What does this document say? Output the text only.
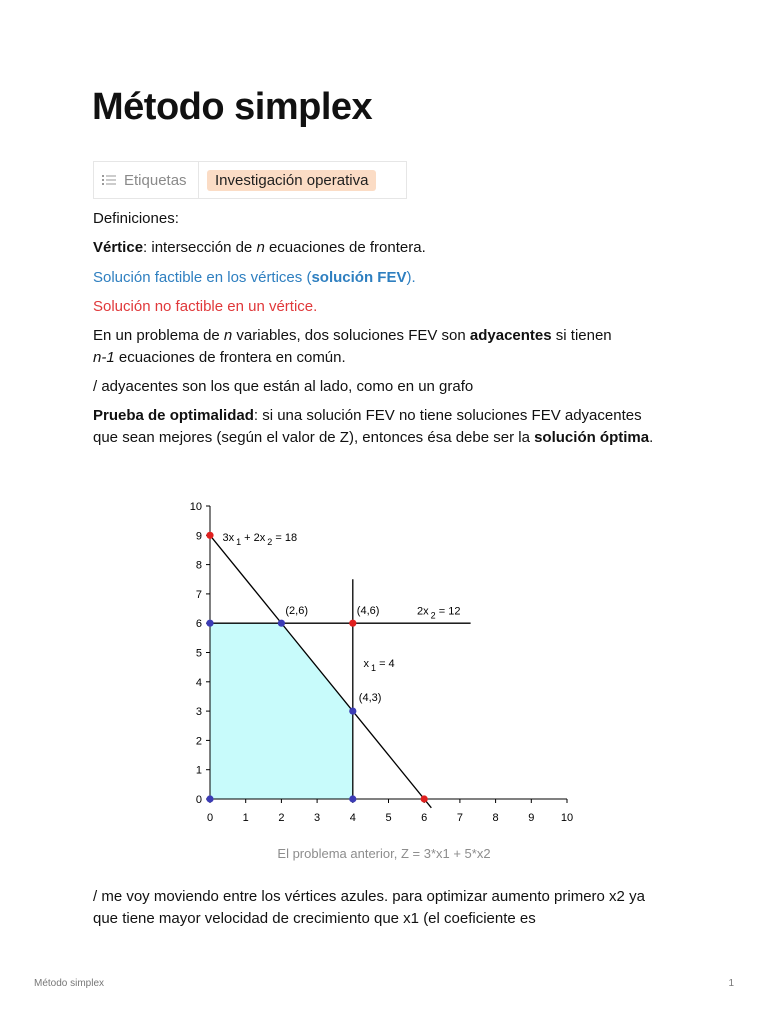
Método simplex
Etiquetas	Investigación operativa

Definiciones:

Vértice: intersección de n ecuaciones de frontera.

Solución factible en los vértices (solución FEV).

Solución no factible en un vértice.

En un problema de n variables, dos soluciones FEV son adyacentes si tienen
n-1 ecuaciones de frontera en común.

/ adyacentes son los que están al lado, como en un grafo

Prueba de optimalidad: si una solución FEV no tiene soluciones FEV adyacentes que sean mejores (según el valor de Z), entonces ésa debe ser la solución óptima.

0	1	2	3	4	5	6	7	8	9 10
0
1
2
3
4
5
6
7
8
9
10
3x $_1$ + 2x $_2$ = 18
2x $_2$ = 12
x $_1$ = 4
(2,6)
(4,3)
(4,6)
El problema anterior, Z = 3*x1 + 5*x2

/ me voy moviendo entre los vértices azules. para optimizar aumento primero x2 ya que tiene mayor velocidad de crecimiento que x1 (el coeficiente es

Método simplex	1
